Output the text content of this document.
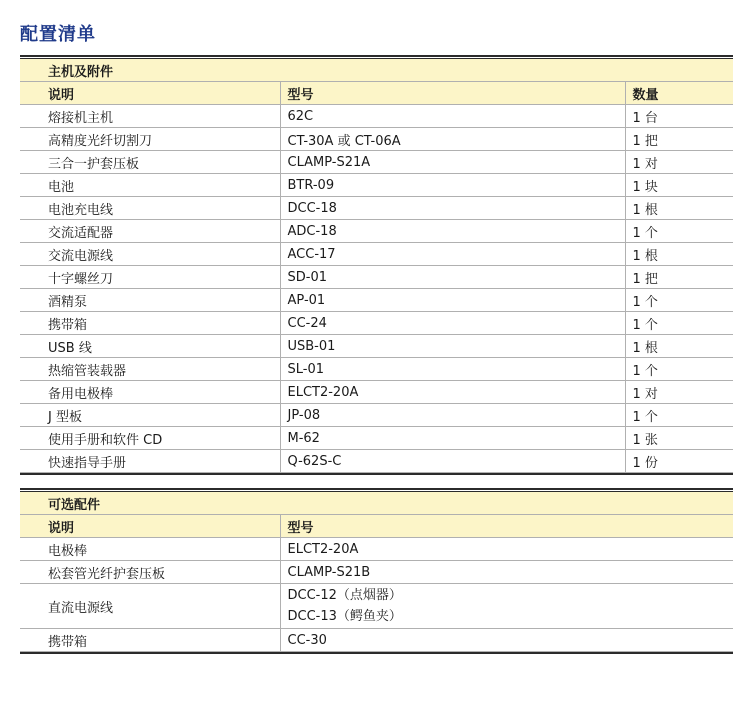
配置清单
主机及附件		
说明	型号	数量
熔接机主机	62C	1 台
高精度光纤切割刀	CT-30A 或 CT-06A	1 把
三合一护套压板	CLAMP-S21A	1 对
电池	BTR-09	1 块
电池充电线	DCC-18	1 根
交流适配器	ADC-18	1 个
交流电源线	ACC-17	1 根
十字螺丝刀	SD-01	1 把
酒精泵	AP-01	1 个
携带箱	CC-24	1 个
USB 线	USB-01	1 根
热缩管装载器	SL-01	1 个
备用电极棒	ELCT2-20A	1 对
J 型板	JP-08	1 个
使用手册和软件 CD	M-62	1 张
快速指导手册	Q-62S-C	1 份
可选配件	
说明	型号
电极棒	ELCT2-20A
松套管光纤护套压板	CLAMP-S21B
直流电源线	DCC-12（点烟器）
DCC-13（鳄鱼夹）

携带箱	CC-30
